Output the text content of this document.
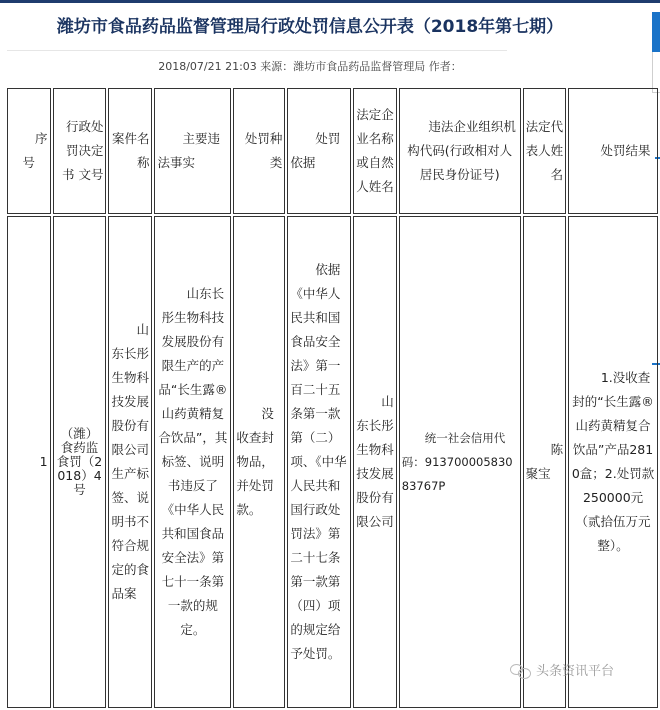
潍坊市食品药品监督管理局行政处罚信息公开表（2018年第七期）
2018/07/21 21:03 来源：潍坊市食品药品监督管理局 作者：
序号	行政处罚决定书 文号	案件名称	主要违法事实	处罚种类	处罚依据	法定企业名称或自然人姓名	违法企业组织机构代码(行政相对人居民身份证号)	法定代表人姓名	处罚结果
1	（潍）食药监食罚（2018）4号	山东长彤生物科技发展股份有限公司生产标签、说明书不符合规定的食品案	山东长彤生物科技发展股份有限生产的产品“长生露®山药黄精复合饮品”，其标签、说明书违反了《中华人民共和国食品安全法》第七十一条第一款的规定。	没收查封物品，并处罚款。	依据《中华人民共和国食品安全法》第一百二十五条第一款第（二）项、《中华人民共和国行政处罚法》第二十七条第一款第（四）项的规定给予处罚。	山东长彤生物科技发展股份有限公司	统一社会信用代码：91370000583083767P	陈聚宝	1.没收查封的“长生露®山药黄精复合饮品”产品2810盒；2.处罚款250000元（贰拾伍万元整）。
头条资讯平台
